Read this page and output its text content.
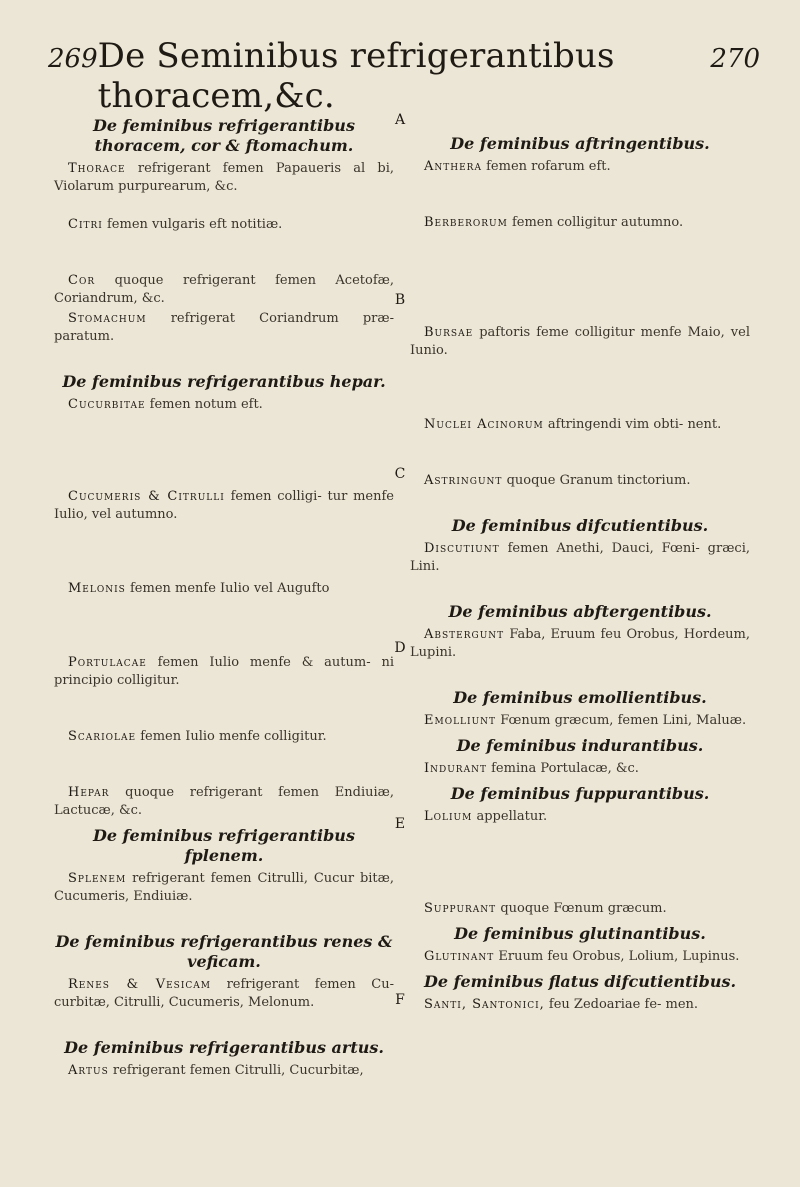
269 De Seminibus refrigerantibus thoracem,&c.
270
A
B
C
D
E
F
De feminibus refrigerantibus thoracem, cor & ftomachum.

Thorace refrigerant femen Papaueris al bi, Violarum purpurearum, &c.

Citri femen vulgaris eft notitiæ.

Cor quoque refrigerant femen Acetofæ, Coriandrum, &c.

Stomachum refrigerat Coriandrum præ- paratum.

De feminibus refrigerantibus hepar.

Cucurbitae femen notum eft.

Cucumeris & Citrulli femen colligi- tur menfe Iulio, vel autumno.

Melonis femen menfe Iulio vel Augufto

Portulacae femen Iulio menfe & autum- ni principio colligitur.

Scariolae femen Iulio menfe colligitur.

Hepar quoque refrigerant femen Endiuiæ, Lactucæ, &c.

De feminibus refrigerantibus fplenem.

Splenem refrigerant femen Citrulli, Cucur bitæ, Cucumeris, Endiuiæ.

De feminibus refrigerantibus renes & veficam.

Renes & Vesicam refrigerant femen Cu- curbitæ, Citrulli, Cucumeris, Melonum.

De feminibus refrigerantibus artus.

Artus refrigerant femen Citrulli, Cucurbitæ,

De feminibus aftringentibus.

Anthera femen rofarum eft.

Berberorum femen colligitur autumno.

Bursae paftoris feme colligitur menfe Maio, vel Iunio.

Nuclei Acinorum aftringendi vim obti- nent.

Astringunt quoque Granum tinctorium.

De feminibus difcutientibus.

Discutiunt femen Anethi, Dauci, Fœni- græci, Lini.

De feminibus abftergentibus.

Abstergunt Faba, Eruum feu Orobus, Hordeum, Lupini.

De feminibus emollientibus.

Emolliunt Fœnum græcum, femen Lini, Maluæ.

De feminibus indurantibus.

Indurant femina Portulacæ, &c.

De feminibus fuppurantibus.

Lolium appellatur.

Suppurant quoque Fœnum græcum.

De feminibus glutinantibus.

Glutinant Eruum feu Orobus, Lolium, Lupinus.

De feminibus flatus difcutientibus.

Santi, Santonici, feu Zedoariae fe- men.
